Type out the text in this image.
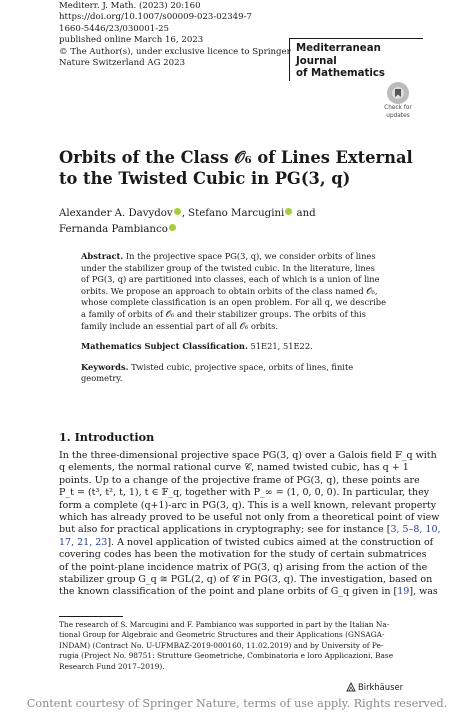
Mediterr. J. Math. (2023) 20:160
https://doi.org/10.1007/s00009-023-02349-7
1660-5446/23/030001-25
published online March 16, 2023
© The Author(s), under exclusive licence to Springer
Nature Switzerland AG 2023
Mediterranean Journal
of Mathematics
Check for
updates
Orbits of the Class 𝒪₆ of Lines External
to the Twisted Cubic in PG(3, q)
Alexander A. Davydov , Stefano Marcugini and
Fernanda Pambianco
Abstract. In the projective space PG(3, q), we consider orbits of lines
under the stabilizer group of the twisted cubic. In the literature, lines
of PG(3, q) are partitioned into classes, each of which is a union of line
orbits. We propose an approach to obtain orbits of the class named 𝒪₆,
whose complete classification is an open problem. For all q, we describe
a family of orbits of 𝒪₆ and their stabilizer groups. The orbits of this
family include an essential part of all 𝒪₆ orbits.
Mathematics Subject Classification. 51E21, 51E22.
Keywords. Twisted cubic, projective space, orbits of lines, finite
geometry.
1. Introduction
In the three-dimensional projective space PG(3, q) over a Galois field 𝔽_q with
q elements, the normal rational curve 𝒞, named twisted cubic, has q + 1
points. Up to a change of the projective frame of PG(3, q), these points are
P_t = (t³, t², t, 1), t ∈ 𝔽_q, together with P_∞ = (1, 0, 0, 0). In particular, they
form a complete (q+1)-arc in PG(3, q). This is a well known, relevant property
which has already proved to be useful not only from a theoretical point of view
but also for practical applications in cryptography; see for instance [3, 5–8, 10,
17, 21, 23]. A novel application of twisted cubics aimed at the construction of
covering codes has been the motivation for the study of certain submatrices
of the point-plane incidence matrix of PG(3, q) arising from the action of the
stabilizer group G_q ≅ PGL(2, q) of 𝒞 in PG(3, q). The investigation, based on
the known classification of the point and plane orbits of G_q given in [19], was
The research of S. Marcugini and F. Pambianco was supported in part by the Italian Na-
tional Group for Algebraic and Geometric Structures and their Applications (GNSAGA-
INDAM) (Contract No. U-UFMBAZ-2019-000160, 11.02.2019) and by University of Pe-
rugia (Project No. 98751: Strutture Geometriche, Combinatoria e loro Applicazioni, Base
Research Fund 2017–2019).
Birkhäuser
Content courtesy of Springer Nature, terms of use apply. Rights reserved.
